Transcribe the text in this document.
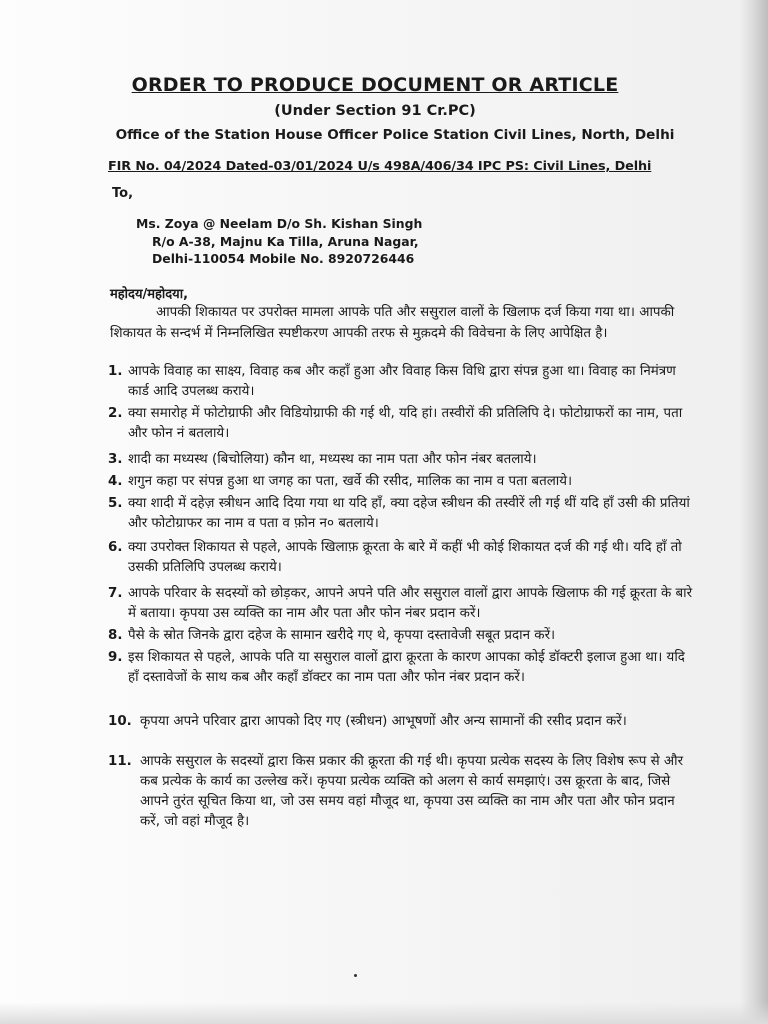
ORDER TO PRODUCE DOCUMENT OR ARTICLE
(Under Section 91 Cr.PC)
Office of the Station House Officer Police Station Civil Lines, North, Delhi
FIR No. 04/2024 Dated-03/01/2024 U/s 498A/406/34 IPC PS: Civil Lines, Delhi
To,
Ms. Zoya @ Neelam D/o Sh. Kishan Singh
R/o A-38, Majnu Ka Tilla, Aruna Nagar,
Delhi-110054 Mobile No. 8920726446
महोदय/महोदया,
आपकी शिकायत पर उपरोक्त मामला आपके पति और ससुराल वालों के खिलाफ दर्ज किया गया था। आपकी शिकायत के सन्दर्भ में निम्नलिखित स्पष्टीकरण आपकी तरफ से मुक़दमे की विवेचना के लिए आपेक्षित है।
1. आपके विवाह का साक्ष्य, विवाह कब और कहाँ हुआ और विवाह किस विधि द्वारा संपन्न हुआ था। विवाह का निमंत्रण कार्ड आदि उपलब्ध कराये।
2. क्या समारोह में फोटोग्राफी और विडियोग्राफी की गई थी, यदि हां। तस्वीरों की प्रतिलिपि दे। फोटोग्राफरों का नाम, पता और फोन नं बतलाये।
3. शादी का मध्यस्थ (बिचोलिया) कौन था, मध्यस्थ का नाम पता और फोन नंबर बतलाये।
4. शगुन कहा पर संपन्न हुआ था जगह का पता, खर्वे की रसीद, मालिक का नाम व पता बतलाये।
5. क्या शादी में दहेज़ स्त्रीधन आदि दिया गया था यदि हाँ, क्या दहेज स्त्रीधन की तस्वीरें ली गई थीं यदि हाँ उसी की प्रतियां और फोटोग्राफर का नाम व पता व फ़ोन न० बतलाये।
6. क्या उपरोक्त शिकायत से पहले, आपके खिलाफ़ क्रूरता के बारे में कहीं भी कोई शिकायत दर्ज की गई थी। यदि हाँ तो उसकी प्रतिलिपि उपलब्ध कराये।
7. आपके परिवार के सदस्यों को छोड़कर, आपने अपने पति और ससुराल वालों द्वारा आपके खिलाफ की गई क्रूरता के बारे में बताया। कृपया उस व्यक्ति का नाम और पता और फोन नंबर प्रदान करें।
8. पैसे के स्रोत जिनके द्वारा दहेज के सामान खरीदे गए थे, कृपया दस्तावेजी सबूत प्रदान करें।
9. इस शिकायत से पहले, आपके पति या ससुराल वालों द्वारा क्रूरता के कारण आपका कोई डॉक्टरी इलाज हुआ था। यदि हाँ दस्तावेजों के साथ कब और कहाँ डॉक्टर का नाम पता और फोन नंबर प्रदान करें।
10. कृपया अपने परिवार द्वारा आपको दिए गए (स्त्रीधन) आभूषणों और अन्य सामानों की रसीद प्रदान करें।
11. आपके ससुराल के सदस्यों द्वारा किस प्रकार की क्रूरता की गई थी। कृपया प्रत्येक सदस्य के लिए विशेष रूप से और कब प्रत्येक के कार्य का उल्लेख करें। कृपया प्रत्येक व्यक्ति को अलग से कार्य समझाएं। उस क्रूरता के बाद, जिसे आपने तुरंत सूचित किया था, जो उस समय वहां मौजूद था, कृपया उस व्यक्ति का नाम और पता और फोन प्रदान करें, जो वहां मौजूद है।
